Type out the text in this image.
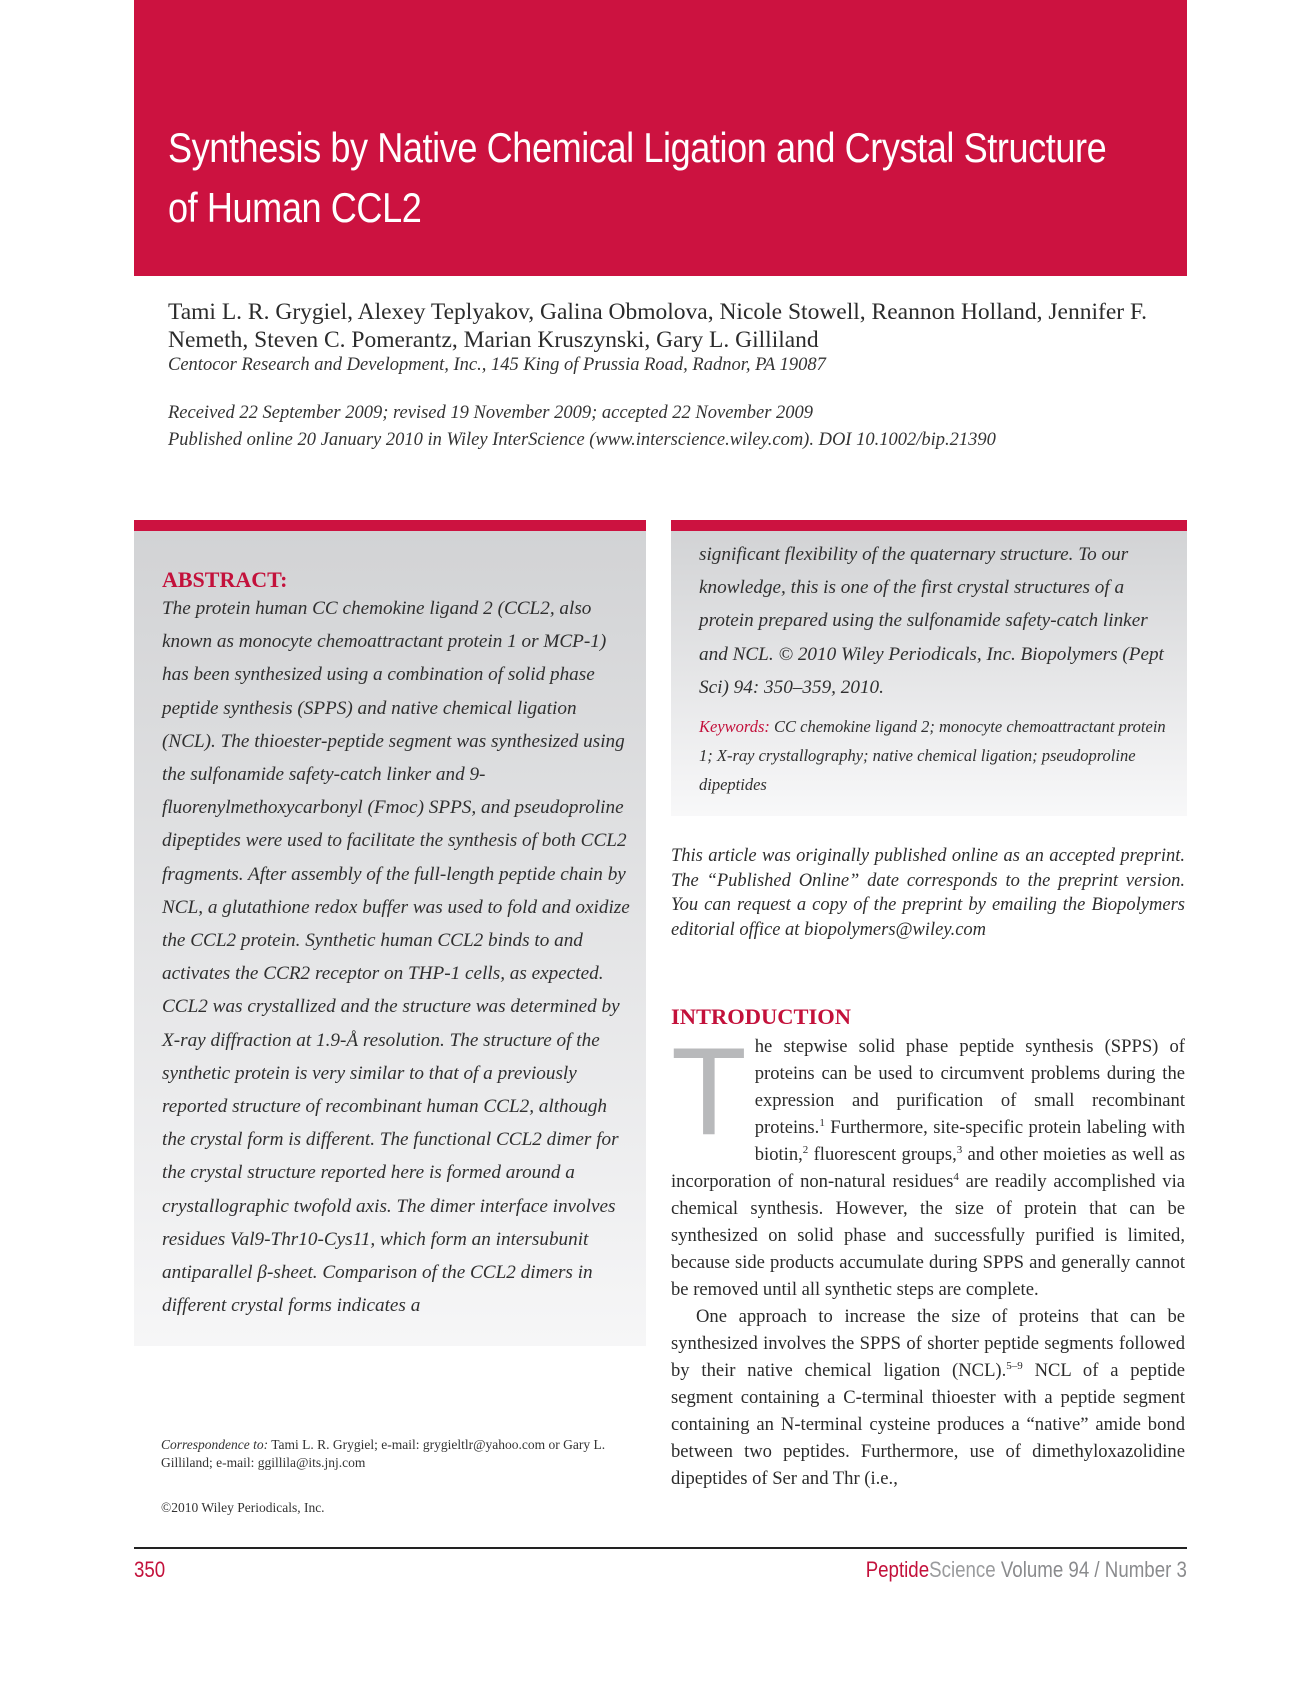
Synthesis by Native Chemical Ligation and Crystal Structure of Human CCL2
Tami L. R. Grygiel, Alexey Teplyakov, Galina Obmolova, Nicole Stowell, Reannon Holland, Jennifer F. Nemeth, Steven C. Pomerantz, Marian Kruszynski, Gary L. Gilliland
Centocor Research and Development, Inc., 145 King of Prussia Road, Radnor, PA 19087
Received 22 September 2009; revised 19 November 2009; accepted 22 November 2009
Published online 20 January 2010 in Wiley InterScience (www.interscience.wiley.com). DOI 10.1002/bip.21390
ABSTRACT:
The protein human CC chemokine ligand 2 (CCL2, also known as monocyte chemoattractant protein 1 or MCP-1) has been synthesized using a combination of solid phase peptide synthesis (SPPS) and native chemical ligation (NCL). The thioester-peptide segment was synthesized using the sulfonamide safety-catch linker and 9-fluorenylmethoxycarbonyl (Fmoc) SPPS, and pseudoproline dipeptides were used to facilitate the synthesis of both CCL2 fragments. After assembly of the full-length peptide chain by NCL, a glutathione redox buffer was used to fold and oxidize the CCL2 protein. Synthetic human CCL2 binds to and activates the CCR2 receptor on THP-1 cells, as expected. CCL2 was crystallized and the structure was determined by X-ray diffraction at 1.9-Å resolution. The structure of the synthetic protein is very similar to that of a previously reported structure of recombinant human CCL2, although the crystal form is different. The functional CCL2 dimer for the crystal structure reported here is formed around a crystallographic twofold axis. The dimer interface involves residues Val9-Thr10-Cys11, which form an intersubunit antiparallel β-sheet. Comparison of the CCL2 dimers in different crystal forms indicates a
significant flexibility of the quaternary structure. To our knowledge, this is one of the first crystal structures of a protein prepared using the sulfonamide safety-catch linker and NCL. © 2010 Wiley Periodicals, Inc. Biopolymers (Pept Sci) 94: 350–359, 2010.
Keywords: CC chemokine ligand 2; monocyte chemoattractant protein 1; X-ray crystallography; native chemical ligation; pseudoproline dipeptides
This article was originally published online as an accepted preprint. The “Published Online” date corresponds to the preprint version. You can request a copy of the preprint by emailing the Biopolymers editorial office at biopolymers@wiley.com
INTRODUCTION

The stepwise solid phase peptide synthesis (SPPS) of proteins can be used to circumvent problems during the expression and purification of small recombinant proteins.$^1$ Furthermore, site-specific protein labeling with biotin,$^2$ fluorescent groups,$^3$ and other moieties as well as incorporation of non-natural residues$^4$ are readily accomplished via chemical synthesis. However, the size of protein that can be synthesized on solid phase and successfully purified is limited, because side products accumulate during SPPS and generally cannot be removed until all synthetic steps are complete.

One approach to increase the size of proteins that can be synthesized involves the SPPS of shorter peptide segments followed by their native chemical ligation (NCL).$^{5-9}$ NCL of a peptide segment containing a C-terminal thioester with a peptide segment containing an N-terminal cysteine produces a “native” amide bond between two peptides. Furthermore, use of dimethyloxazolidine dipeptides of Ser and Thr (i.e.,

Correspondence to: Tami L. R. Grygiel; e-mail: grygieltlr@yahoo.com or Gary L. Gilliland; e-mail: ggillila@its.jnj.com
©2010 Wiley Periodicals, Inc.
350	PeptideScience Volume 94 / Number 3
